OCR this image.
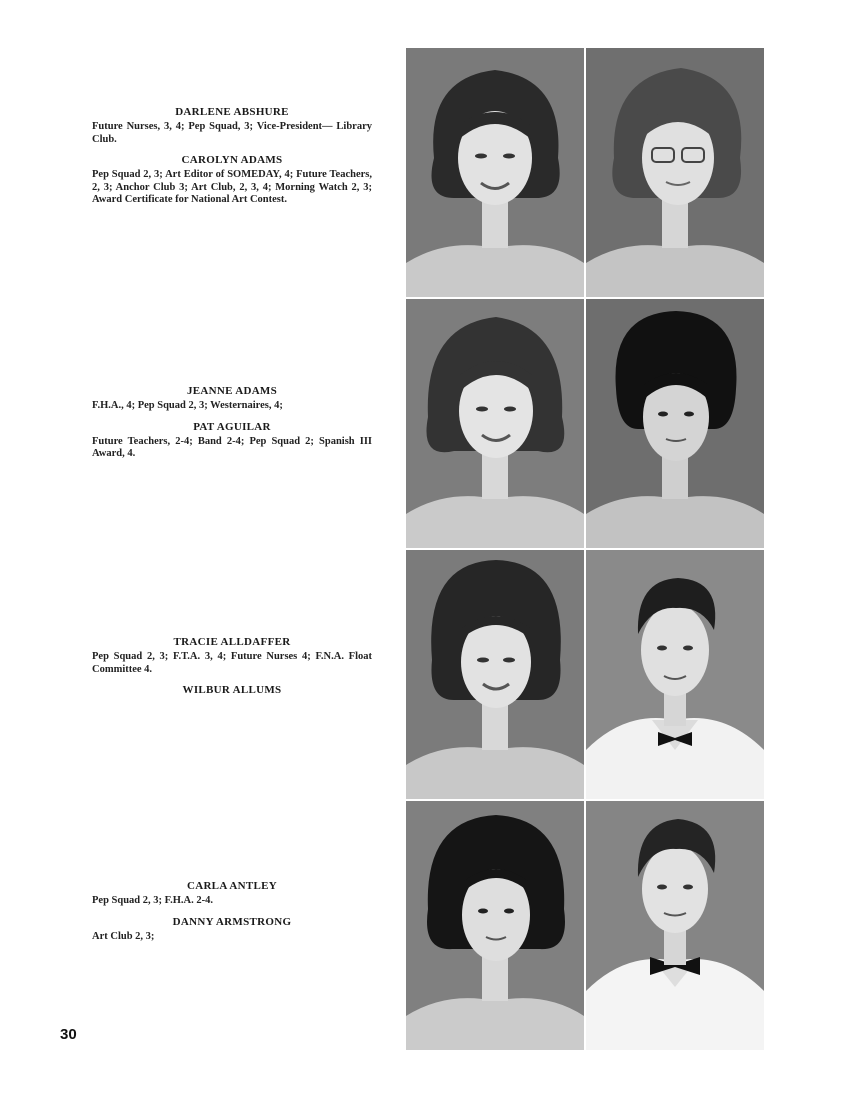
DARLENE ABSHURE
Future Nurses, 3, 4; Pep Squad, 3; Vice-President— Library Club.
CAROLYN ADAMS
Pep Squad 2, 3; Art Editor of SOMEDAY, 4; Future Teachers, 2, 3; Anchor Club 3; Art Club, 2, 3, 4; Morning Watch 2, 3; Award Certificate for National Art Contest.
JEANNE ADAMS
F.H.A., 4; Pep Squad 2, 3; Westernaires, 4;
PAT AGUILAR
Future Teachers, 2-4; Band 2-4; Pep Squad 2; Spanish III Award, 4.
TRACIE ALLDAFFER
Pep Squad 2, 3; F.T.A. 3, 4; Future Nurses 4; F.N.A. Float Committee 4.
WILBUR ALLUMS
CARLA ANTLEY
Pep Squad 2, 3; F.H.A. 2-4.
DANNY ARMSTRONG
Art Club 2, 3;
30
